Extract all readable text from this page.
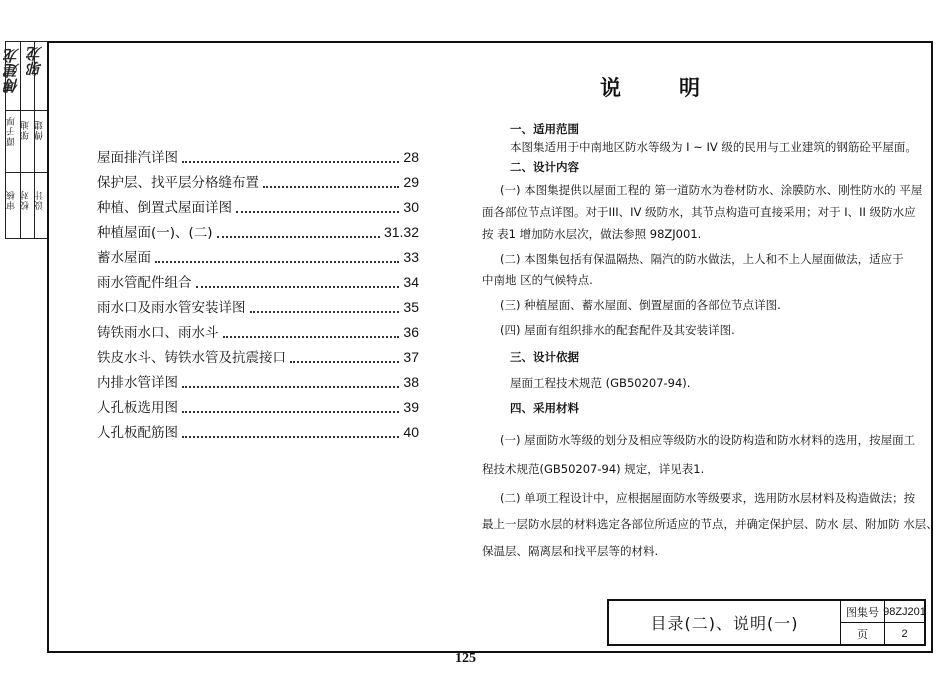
傅建龙 邬龙
谭子厚 邬迪 傅建
审核 校对 设计
屋面排汽详图	28
保护层、找平层分格缝布置	29
种植、倒置式屋面详图	30
种植屋面(一)、(二)	31.32
蓄水屋面	33
雨水管配件组合	34
雨水口及雨水管安装详图	35
铸铁雨水口、雨水斗	36
铁皮水斗、铸铁水管及抗震接口	37
内排水管详图	38
人孔板选用图	39
人孔板配筋图	40
说明
一、适用范围
本图集适用于中南地区防水等级为 I ~ IV 级的民用与工业建筑的钢筋砼平屋面。
二、设计内容
(一) 本图集提供以屋面工程的 第一道防水为卷材防水、涂膜防水、刚性防水的 平屋
面各部位节点详图。对于III、IV 级防水，其节点构造可直接采用；对于 I、II 级防水应
按 表1 增加防水层次，做法参照 98ZJ001.
(二) 本图集包括有保温隔热、隔汽的防水做法，上人和不上人屋面做法，适应于
中南地 区的气候特点.
(三) 种植屋面、蓄水屋面、倒置屋面的各部位节点详图.
(四) 屋面有组织排水的配套配件及其安装详图.
三、设计依据
屋面工程技术规范 (GB50207-94).
四、采用材料
(一) 屋面防水等级的划分及相应等级防水的设防构造和防水材料的选用，按屋面工
程技术规范(GB50207-94) 规定，详见表1.
(二) 单项工程设计中，应根据屋面防水等级要求，选用防水层材料及构造做法；按
最上一层防水层的材料选定各部位所适应的节点，并确定保护层、防水 层、附加防 水层、
保温层、隔离层和找平层等的材料.
目录(二)、说明(一)
图集号 98ZJ201
页	2
125
